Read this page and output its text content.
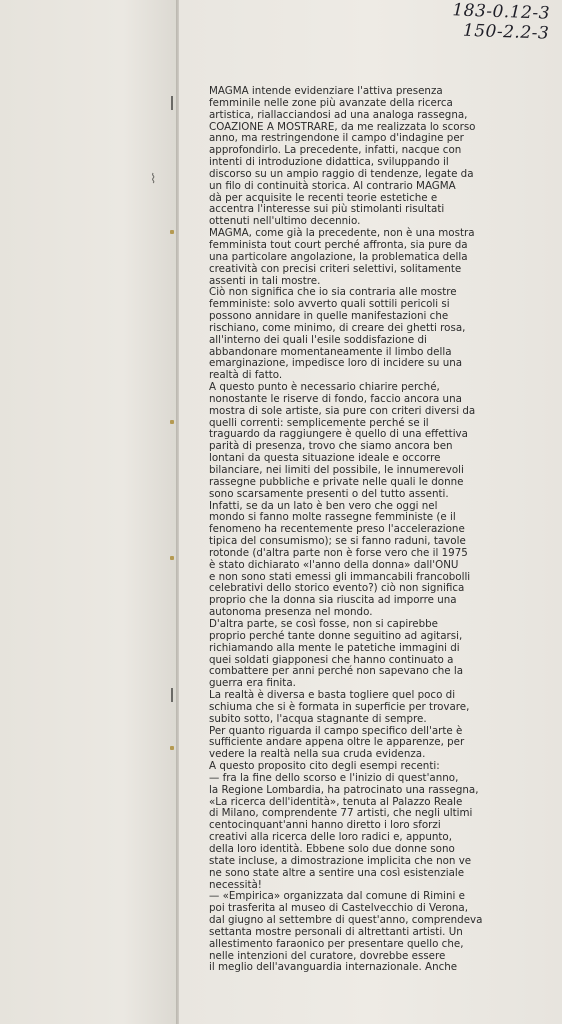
183-0.12-3
150-2.2-3
⌇
MAGMA intende evidenziare l'attiva presenza
femminile nelle zone più avanzate della ricerca
artistica, riallacciandosi ad una analoga rassegna,
COAZIONE A MOSTRARE, da me realizzata lo scorso
anno, ma restringendone il campo d'indagine per
approfondirlo. La precedente, infatti, nacque con
intenti di introduzione didattica, sviluppando il
discorso su un ampio raggio di tendenze, legate da
un filo di continuità storica. Al contrario MAGMA
dà per acquisite le recenti teorie estetiche e
accentra l'interesse sui più stimolanti risultati
ottenuti nell'ultimo decennio.
MAGMA, come già la precedente, non è una mostra
femminista tout court perché affronta, sia pure da
una particolare angolazione, la problematica della
creatività con precisi criteri selettivi, solitamente
assenti in tali mostre.
Ciò non significa che io sia contraria alle mostre
femministe: solo avverto quali sottili pericoli si
possono annidare in quelle manifestazioni che
rischiano, come minimo, di creare dei ghetti rosa,
all'interno dei quali l'esile soddisfazione di
abbandonare momentaneamente il limbo della
emarginazione, impedisce loro di incidere su una
realtà di fatto.
A questo punto è necessario chiarire perché,
nonostante le riserve di fondo, faccio ancora una
mostra di sole artiste, sia pure con criteri diversi da
quelli correnti: semplicemente perché se il
traguardo da raggiungere è quello di una effettiva
parità di presenza, trovo che siamo ancora ben
lontani da questa situazione ideale e occorre
bilanciare, nei limiti del possibile, le innumerevoli
rassegne pubbliche e private nelle quali le donne
sono scarsamente presenti o del tutto assenti.
Infatti, se da un lato è ben vero che oggi nel
mondo si fanno molte rassegne femministe (e il
fenomeno ha recentemente preso l'accelerazione
tipica del consumismo); se si fanno raduni, tavole
rotonde (d'altra parte non è forse vero che il 1975
è stato dichiarato «l'anno della donna» dall'ONU
e non sono stati emessi gli immancabili francobolli
celebrativi dello storico evento?) ciò non significa
proprio che la donna sia riuscita ad imporre una
autonoma presenza nel mondo.
D'altra parte, se così fosse, non si capirebbe
proprio perché tante donne seguitino ad agitarsi,
richiamando alla mente le patetiche immagini di
quei soldati giapponesi che hanno continuato a
combattere per anni perché non sapevano che la
guerra era finita.
La realtà è diversa e basta togliere quel poco di
schiuma che si è formata in superficie per trovare,
subito sotto, l'acqua stagnante di sempre.
Per quanto riguarda il campo specifico dell'arte è
sufficiente andare appena oltre le apparenze, per
vedere la realtà nella sua cruda evidenza.
A questo proposito cito degli esempi recenti:
— fra la fine dello scorso e l'inizio di quest'anno,
la Regione Lombardia, ha patrocinato una rassegna,
«La ricerca dell'identità», tenuta al Palazzo Reale
di Milano, comprendente 77 artisti, che negli ultimi
centocinquant'anni hanno diretto i loro sforzi
creativi alla ricerca delle loro radici e, appunto,
della loro identità. Ebbene solo due donne sono
state incluse, a dimostrazione implicita che non ve
ne sono state altre a sentire una così esistenziale
necessità!
— «Empirica» organizzata dal comune di Rimini e
poi trasferita al museo di Castelvecchio di Verona,
dal giugno al settembre di quest'anno, comprendeva
settanta mostre personali di altrettanti artisti. Un
allestimento faraonico per presentare quello che,
nelle intenzioni del curatore, dovrebbe essere
il meglio dell'avanguardia internazionale. Anche
